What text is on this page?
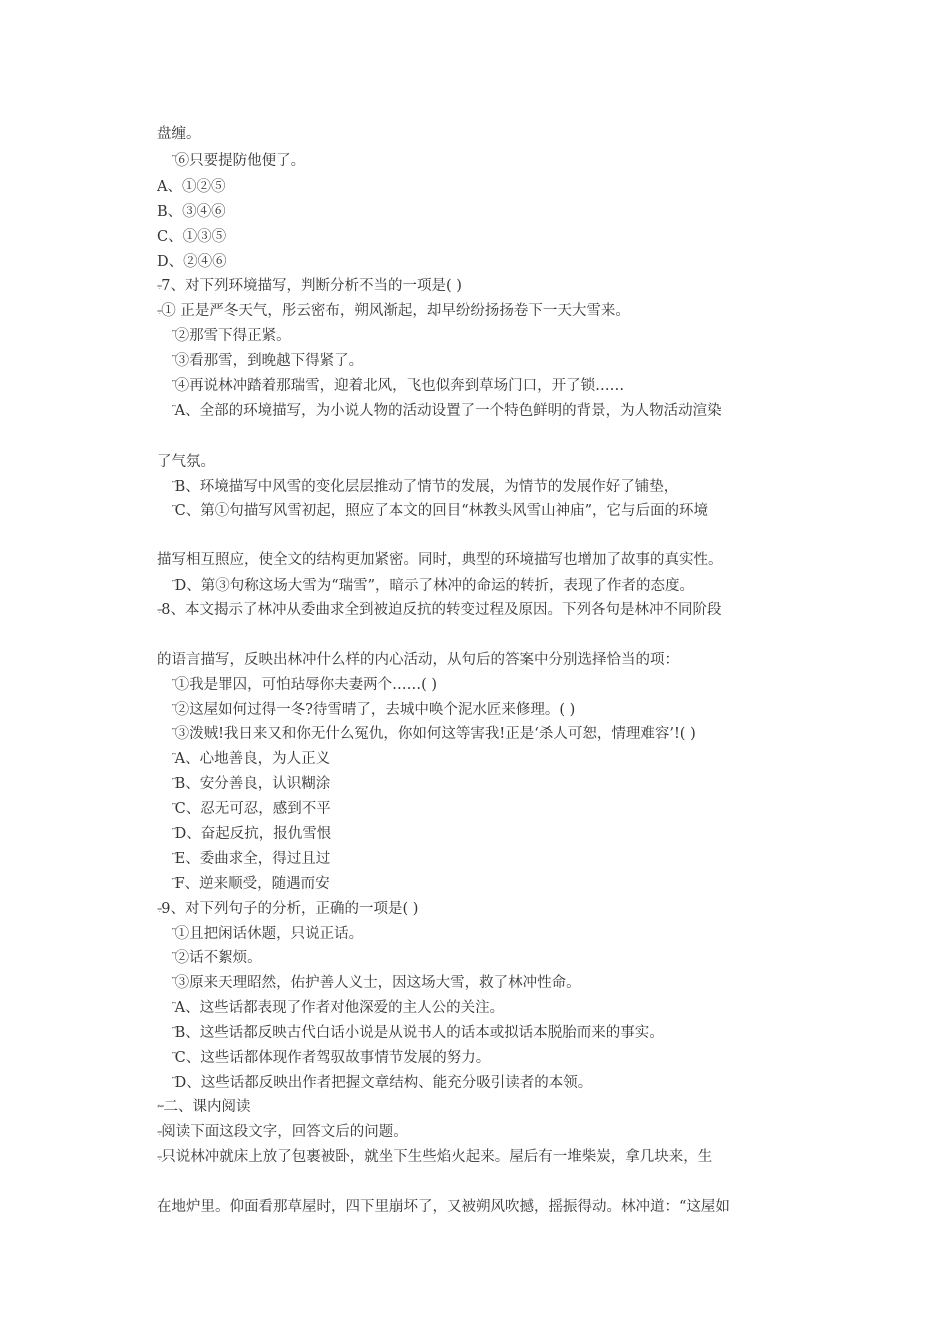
盘缠。
⎴⑥只要提防他便了。
A、①②⑤
B、③④⑥
C、①③⑤
D、②④⑥
⩦7、对下列环境描写，判断分析不当的一项是( )
⩦① 正是严冬天气，彤云密布，朔风渐起，却早纷纷扬扬卷下一天大雪来。
⎴②那雪下得正紧。
⎴③看那雪，到晚越下得紧了。
⎴④再说林冲踏着那瑞雪，迎着北风，飞也似奔到草场门口，开了锁……
⎴A、全部的环境描写，为小说人物的活动设置了一个特色鲜明的背景，为人物活动渲染
了气氛。
⎴B、环境描写中风雪的变化层层推动了情节的发展，为情节的发展作好了铺垫，
⎴C、第①句描写风雪初起，照应了本文的回目“林教头风雪山神庙”，它与后面的环境
描写相互照应，使全文的结构更加紧密。同时，典型的环境描写也增加了故事的真实性。
⎴D、第③句称这场大雪为“瑞雪”，暗示了林冲的命运的转折，表现了作者的态度。
⩦8、本文揭示了林冲从委曲求全到被迫反抗的转变过程及原因。下列各句是林冲不同阶段
的语言描写，反映出林冲什么样的内心活动，从句后的答案中分别选择恰当的项：
⎴①我是罪囚，可怕玷辱你夫妻两个……( )
⎴②这屋如何过得一冬?待雪晴了，去城中唤个泥水匠来修理。( )
⎴③泼贼!我日来又和你无什么冤仇，你如何这等害我!正是‘杀人可恕，情理难容’!( )
⎴A、心地善良，为人正义
⎴B、安分善良，认识糊涂
⎴C、忍无可忍，感到不平
⎴D、奋起反抗，报仇雪恨
⎴E、委曲求全，得过且过
⎴F、逆来顺受，随遇而安
⩦9、对下列句子的分析，正确的一项是( )
⎴①且把闲话休题，只说正话。
⎴②话不絮烦。
⎴③原来天理昭然，佑护善人义士，因这场大雪，救了林冲性命。
⎴A、这些话都表现了作者对他深爱的主人公的关注。
⎴B、这些话都反映古代白话小说是从说书人的话本或拟话本脱胎而来的事实。
⎴C、这些话都体现作者驾驭故事情节发展的努力。
⎴D、这些话都反映出作者把握文章结构、能充分吸引读者的本领。
⇜二、课内阅读
⩦阅读下面这段文字，回答文后的问题。
⩦只说林冲就床上放了包裹被卧，就坐下生些焰火起来。屋后有一堆柴炭，拿几块来，生
在地炉里。仰面看那草屋时，四下里崩坏了，又被朔风吹撼，摇振得动。林冲道：“这屋如
